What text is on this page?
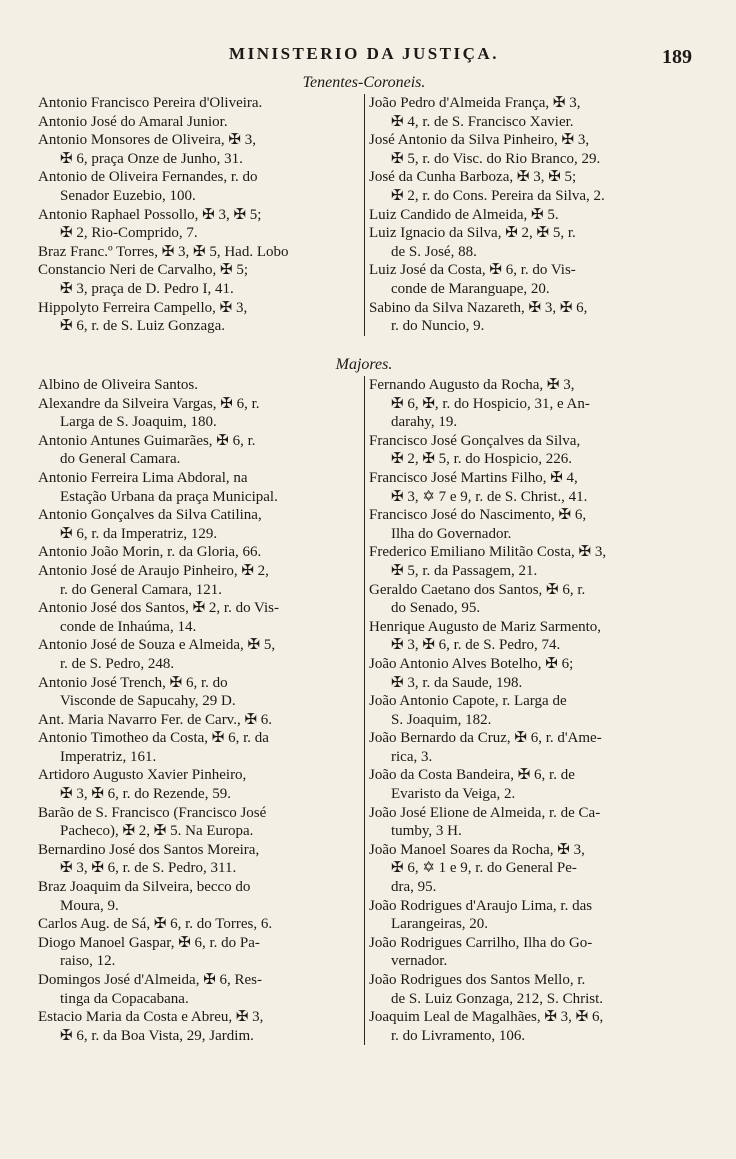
MINISTERIO DA JUSTIÇA.	189
Tenentes-Coroneis.
Antonio Francisco Pereira d'Oliveira.
Antonio José do Amaral Junior.
Antonio Monsores de Oliveira, ✠ 3,
✠ 6, praça Onze de Junho, 31.
Antonio de Oliveira Fernandes, r. do
Senador Euzebio, 100.
Antonio Raphael Possollo, ✠ 3, ✠ 5;
✠ 2, Rio-Comprido, 7.
Braz Franc.º Torres, ✠ 3, ✠ 5, Had. Lobo
Constancio Neri de Carvalho, ✠ 5;
✠ 3, praça de D. Pedro I, 41.
Hippolyto Ferreira Campello, ✠ 3,
✠ 6, r. de S. Luiz Gonzaga.
João Pedro d'Almeida França, ✠ 3,
✠ 4, r. de S. Francisco Xavier.
José Antonio da Silva Pinheiro, ✠ 3,
✠ 5, r. do Visc. do Rio Branco, 29.
José da Cunha Barboza, ✠ 3, ✠ 5;
✠ 2, r. do Cons. Pereira da Silva, 2.
Luiz Candido de Almeida, ✠ 5.
Luiz Ignacio da Silva, ✠ 2, ✠ 5, r.
de S. José, 88.
Luiz José da Costa, ✠ 6, r. do Vis-
conde de Maranguape, 20.
Sabino da Silva Nazareth, ✠ 3, ✠ 6,
r. do Nuncio, 9.
Majores.
Albino de Oliveira Santos.
Alexandre da Silveira Vargas, ✠ 6, r.
Larga de S. Joaquim, 180.
Antonio Antunes Guimarães, ✠ 6, r.
do General Camara.
Antonio Ferreira Lima Abdoral, na
Estação Urbana da praça Municipal.
Antonio Gonçalves da Silva Catilina,
✠ 6, r. da Imperatriz, 129.
Antonio João Morin, r. da Gloria, 66.
Antonio José de Araujo Pinheiro, ✠ 2,
r. do General Camara, 121.
Antonio José dos Santos, ✠ 2, r. do Vis-
conde de Inhaúma, 14.
Antonio José de Souza e Almeida, ✠ 5,
r. de S. Pedro, 248.
Antonio José Trench, ✠ 6, r. do
Visconde de Sapucahy, 29 D.
Ant. Maria Navarro Fer. de Carv., ✠ 6.
Antonio Timotheo da Costa, ✠ 6, r. da
Imperatriz, 161.
Artidoro Augusto Xavier Pinheiro,
✠ 3, ✠ 6, r. do Rezende, 59.
Barão de S. Francisco (Francisco José
Pacheco), ✠ 2, ✠ 5. Na Europa.
Bernardino José dos Santos Moreira,
✠ 3, ✠ 6, r. de S. Pedro, 311.
Braz Joaquim da Silveira, becco do
Moura, 9.
Carlos Aug. de Sá, ✠ 6, r. do Torres, 6.
Diogo Manoel Gaspar, ✠ 6, r. do Pa-
raiso, 12.
Domingos José d'Almeida, ✠ 6, Res-
tinga da Copacabana.
Estacio Maria da Costa e Abreu, ✠ 3,
✠ 6, r. da Boa Vista, 29, Jardim.
Fernando Augusto da Rocha, ✠ 3,
✠ 6, ✠, r. do Hospicio, 31, e An-
darahy, 19.
Francisco José Gonçalves da Silva,
✠ 2, ✠ 5, r. do Hospicio, 226.
Francisco José Martins Filho, ✠ 4,
✠ 3, ✡ 7 e 9, r. de S. Christ., 41.
Francisco José do Nascimento, ✠ 6,
Ilha do Governador.
Frederico Emiliano Militão Costa, ✠ 3,
✠ 5, r. da Passagem, 21.
Geraldo Caetano dos Santos, ✠ 6, r.
do Senado, 95.
Henrique Augusto de Mariz Sarmento,
✠ 3, ✠ 6, r. de S. Pedro, 74.
João Antonio Alves Botelho, ✠ 6;
✠ 3, r. da Saude, 198.
João Antonio Capote, r. Larga de
S. Joaquim, 182.
João Bernardo da Cruz, ✠ 6, r. d'Ame-
rica, 3.
João da Costa Bandeira, ✠ 6, r. de
Evaristo da Veiga, 2.
João José Elione de Almeida, r. de Ca-
tumby, 3 H.
João Manoel Soares da Rocha, ✠ 3,
✠ 6, ✡ 1 e 9, r. do General Pe-
dra, 95.
João Rodrigues d'Araujo Lima, r. das
Larangeiras, 20.
João Rodrigues Carrilho, Ilha do Go-
vernador.
João Rodrigues dos Santos Mello, r.
de S. Luiz Gonzaga, 212, S. Christ.
Joaquim Leal de Magalhães, ✠ 3, ✠ 6,
r. do Livramento, 106.
